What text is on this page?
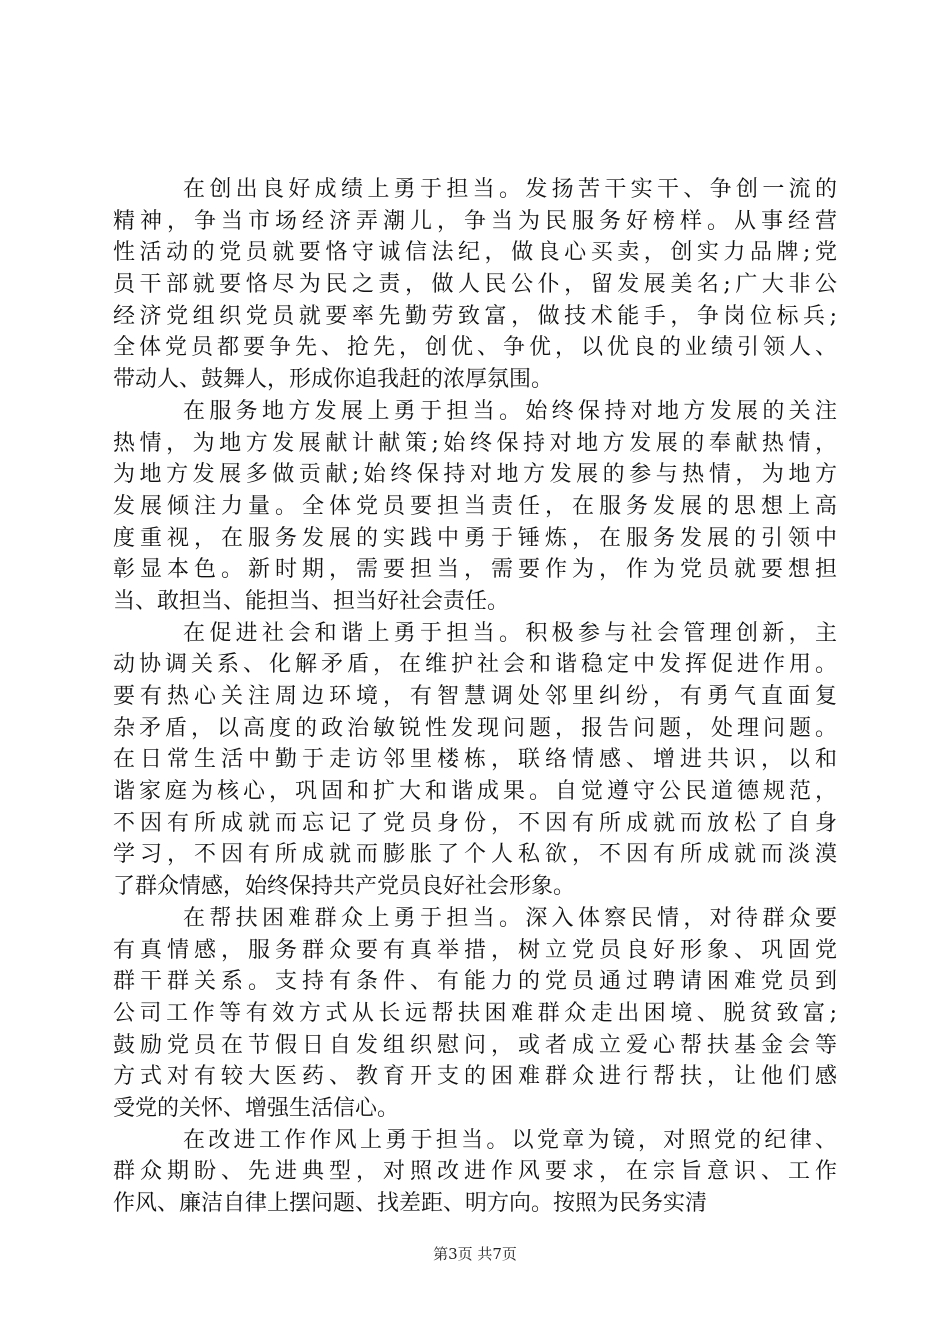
在创出良好成绩上勇于担当。发扬苦干实干、争创一流的
精神，争当市场经济弄潮儿，争当为民服务好榜样。从事经营
性活动的党员就要恪守诚信法纪，做良心买卖，创实力品牌;党
员干部就要恪尽为民之责，做人民公仆，留发展美名;广大非公
经济党组织党员就要率先勤劳致富，做技术能手，争岗位标兵;
全体党员都要争先、抢先，创优、争优，以优良的业绩引领人、
带动人、鼓舞人，形成你追我赶的浓厚氛围。
在服务地方发展上勇于担当。始终保持对地方发展的关注
热情，为地方发展献计献策;始终保持对地方发展的奉献热情，
为地方发展多做贡献;始终保持对地方发展的参与热情，为地方
发展倾注力量。全体党员要担当责任，在服务发展的思想上高
度重视，在服务发展的实践中勇于锤炼，在服务发展的引领中
彰显本色。新时期，需要担当，需要作为，作为党员就要想担
当、敢担当、能担当、担当好社会责任。
在促进社会和谐上勇于担当。积极参与社会管理创新，主
动协调关系、化解矛盾，在维护社会和谐稳定中发挥促进作用。
要有热心关注周边环境，有智慧调处邻里纠纷，有勇气直面复
杂矛盾，以高度的政治敏锐性发现问题，报告问题，处理问题。
在日常生活中勤于走访邻里楼栋，联络情感、增进共识，以和
谐家庭为核心，巩固和扩大和谐成果。自觉遵守公民道德规范，
不因有所成就而忘记了党员身份，不因有所成就而放松了自身
学习，不因有所成就而膨胀了个人私欲，不因有所成就而淡漠
了群众情感，始终保持共产党员良好社会形象。
在帮扶困难群众上勇于担当。深入体察民情，对待群众要
有真情感，服务群众要有真举措，树立党员良好形象、巩固党
群干群关系。支持有条件、有能力的党员通过聘请困难党员到
公司工作等有效方式从长远帮扶困难群众走出困境、脱贫致富;
鼓励党员在节假日自发组织慰问，或者成立爱心帮扶基金会等
方式对有较大医药、教育开支的困难群众进行帮扶，让他们感
受党的关怀、增强生活信心。
在改进工作作风上勇于担当。以党章为镜，对照党的纪律、
群众期盼、先进典型，对照改进作风要求，在宗旨意识、工作
作风、廉洁自律上摆问题、找差距、明方向。按照为民务实清
第3页 共7页
